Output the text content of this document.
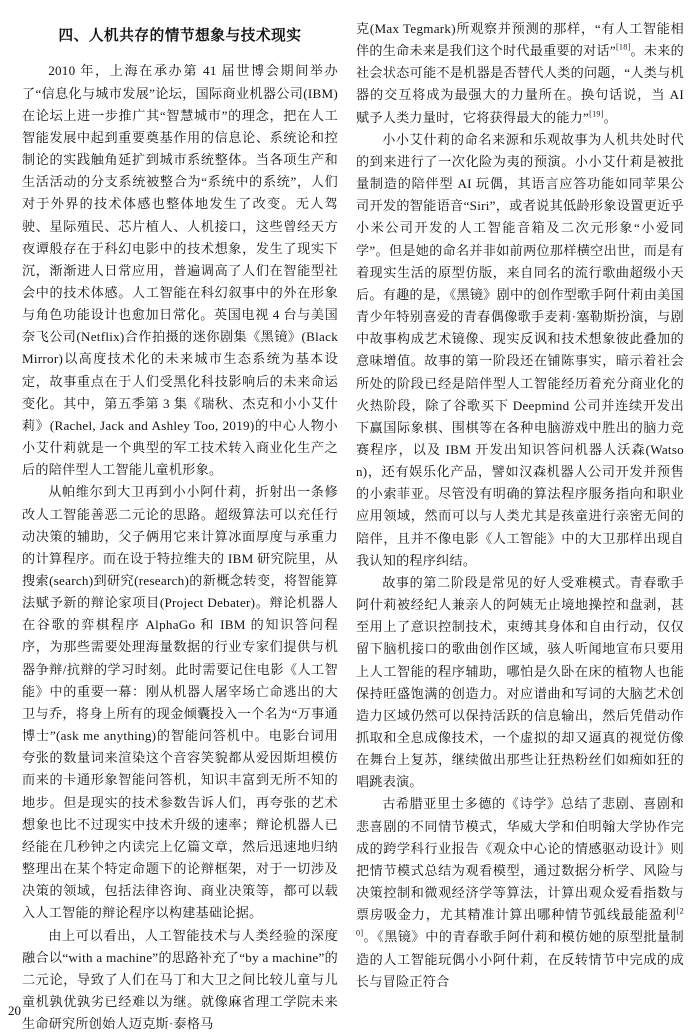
四、人机共存的情节想象与技术现实

2010 年，上海在承办第 41 届世博会期间举办了“信息化与城市发展”论坛，国际商业机器公司(IBM)在论坛上进一步推广其“智慧城市”的理念，把在人工智能发展中起到重要奠基作用的信息论、系统论和控制论的实践触角延扩到城市系统整体。当各项生产和生活活动的分支系统被整合为“系统中的系统”，人们对于外界的技术体感也整体地发生了改变。无人驾驶、星际殖民、芯片植人、人机接口，这些曾经天方夜谭般存在于科幻电影中的技术想象，发生了现实下沉，渐渐进人日常应用，普遍调高了人们在智能型社会中的技术体感。人工智能在科幻叙事中的外在形象与角色功能设计也愈加日常化。英国电视 4 台与美国奈飞公司(Netflix)合作拍摄的迷你剧集《黑镜》(Black Mirror)以高度技术化的未来城市生态系统为基本设定，故事重点在于人们受黑化科技影响后的未来命运变化。其中，第五季第 3 集《瑞秋、杰克和小小艾什莉》(Rachel, Jack and Ashley Too, 2019)的中心人物小小艾什莉就是一个典型的军工技术转入商业化生产之后的陪伴型人工智能儿童机形象。

从帕维尔到大卫再到小小阿什莉，折射出一条修改人工智能善恶二元论的思路。超级算法可以充任行动决策的辅助，父子俩用它来计算冰面厚度与承重力的计算程序。而在设于特拉维夫的 IBM 研究院里，从搜索(search)到研究(research)的新概念转变，将智能算法赋予新的辩论家项目(Project Debater)。辩论机器人在谷歌的弈棋程序 AlphaGo 和 IBM 的知识答问程序，为那些需要处理海量数据的行业专家们提供与机器争辩/抗辩的学习时刻。此时需要记住电影《人工智能》中的重要一幕：刚从机器人屠宰场亡命逃出的大卫与乔，将身上所有的现金倾囊投入一个名为“万事通博士”(ask me anything)的智能问答机中。电影台词用夸张的数量词来渲染这个音容笑貌都从爱因斯坦模仿而来的卡通形象智能问答机，知识丰富到无所不知的地步。但是现实的技术参数告诉人们，再夸张的艺术想象也比不过现实中技术升级的速率；辩论机器人已经能在几秒钟之内读完上亿篇文章，然后迅速地归纳整理出在某个特定命题下的论辩框架，对于一切涉及决策的领域，包括法律咨询、商业决策等，都可以载入人工智能的辩论程序以构建基础论据。

由上可以看出，人工智能技术与人类经验的深度融合以“with a machine”的思路补充了“by a machine”的二元论，导致了人们在马丁和大卫之间比较儿童与儿童机孰优孰劣已经难以为继。就像麻省理工学院未来生命研究所创始人迈克斯·泰格马

克(Max Tegmark)所观察并预测的那样，“有人工智能相伴的生命未来是我们这个时代最重要的对话”[18]。未来的社会状态可能不是机器是否替代人类的问题，“人类与机器的交互将成为最强大的力量所在。换句话说，当 AI 赋予人类力量时，它将获得最大的能力”[19]。

小小艾什莉的命名来源和乐观故事为人机共处时代的到来进行了一次化险为夷的预演。小小艾什莉是被批量制造的陪伴型 AI 玩偶，其语言应答功能如同苹果公司开发的智能语音“Siri”，或者说其低龄形象设置更近乎小米公司开发的人工智能音箱及二次元形象“小爱同学”。但是她的命名并非如前两位那样横空出世，而是有着现实生活的原型仿版，来自同名的流行歌曲超级小天后。有趣的是，《黑镜》剧中的创作型歌手阿什莉由美国青少年特别喜爱的青春偶像歌手麦莉·塞勒斯扮演，与剧中故事构成艺术镜像、现实反讽和技术想象彼此叠加的意味增值。故事的第一阶段还在铺陈事实，暗示着社会所处的阶段已经是陪伴型人工智能经历着充分商业化的火热阶段，除了谷歌买下 Deepmind 公司并连续开发出下赢国际象棋、围棋等在各种电脑游戏中胜出的脑力竞赛程序，以及 IBM 开发出知识答问机器人沃森(Watson)，还有娱乐化产品，譬如汉森机器人公司开发并预售的小索菲亚。尽管没有明确的算法程序服务指向和职业应用领域，然而可以与人类尤其是孩童进行亲密无间的陪伴，且并不像电影《人工智能》中的大卫那样出现自我认知的程序纠结。

故事的第二阶段是常见的好人受难模式。青春歌手阿什莉被经纪人兼亲人的阿姨无止境地操控和盘剥，甚至用上了意识控制技术，束缚其身体和自由行动，仅仅留下脑机接口的歌曲创作区域，骇人听闻地宣布只要用上人工智能的程序辅助，哪怕是久卧在床的植物人也能保持旺盛饱满的创造力。对应谱曲和写词的大脑艺术创造力区域仍然可以保持活跃的信息输出，然后凭借动作抓取和全息成像技术，一个虚拟的却又逼真的视觉仿像在舞台上复苏，继续做出那些让狂热粉丝们如痴如狂的唱跳表演。

古希腊亚里士多德的《诗学》总结了悲剧、喜剧和悲喜剧的不同情节模式，华威大学和伯明翰大学协作完成的跨学科行业报告《观众中心论的情感驱动设计》则把情节模式总结为观看模型，通过数据分析学、风险与决策控制和微观经济学等算法，计算出观众爱看指数与票房吸金力，尤其精准计算出哪种情节弧线最能盈利[20]。《黑镜》中的青春歌手阿什莉和模仿她的原型批量制造的人工智能玩偶小小阿什莉，在反转情节中完成的成长与冒险正符合

20
